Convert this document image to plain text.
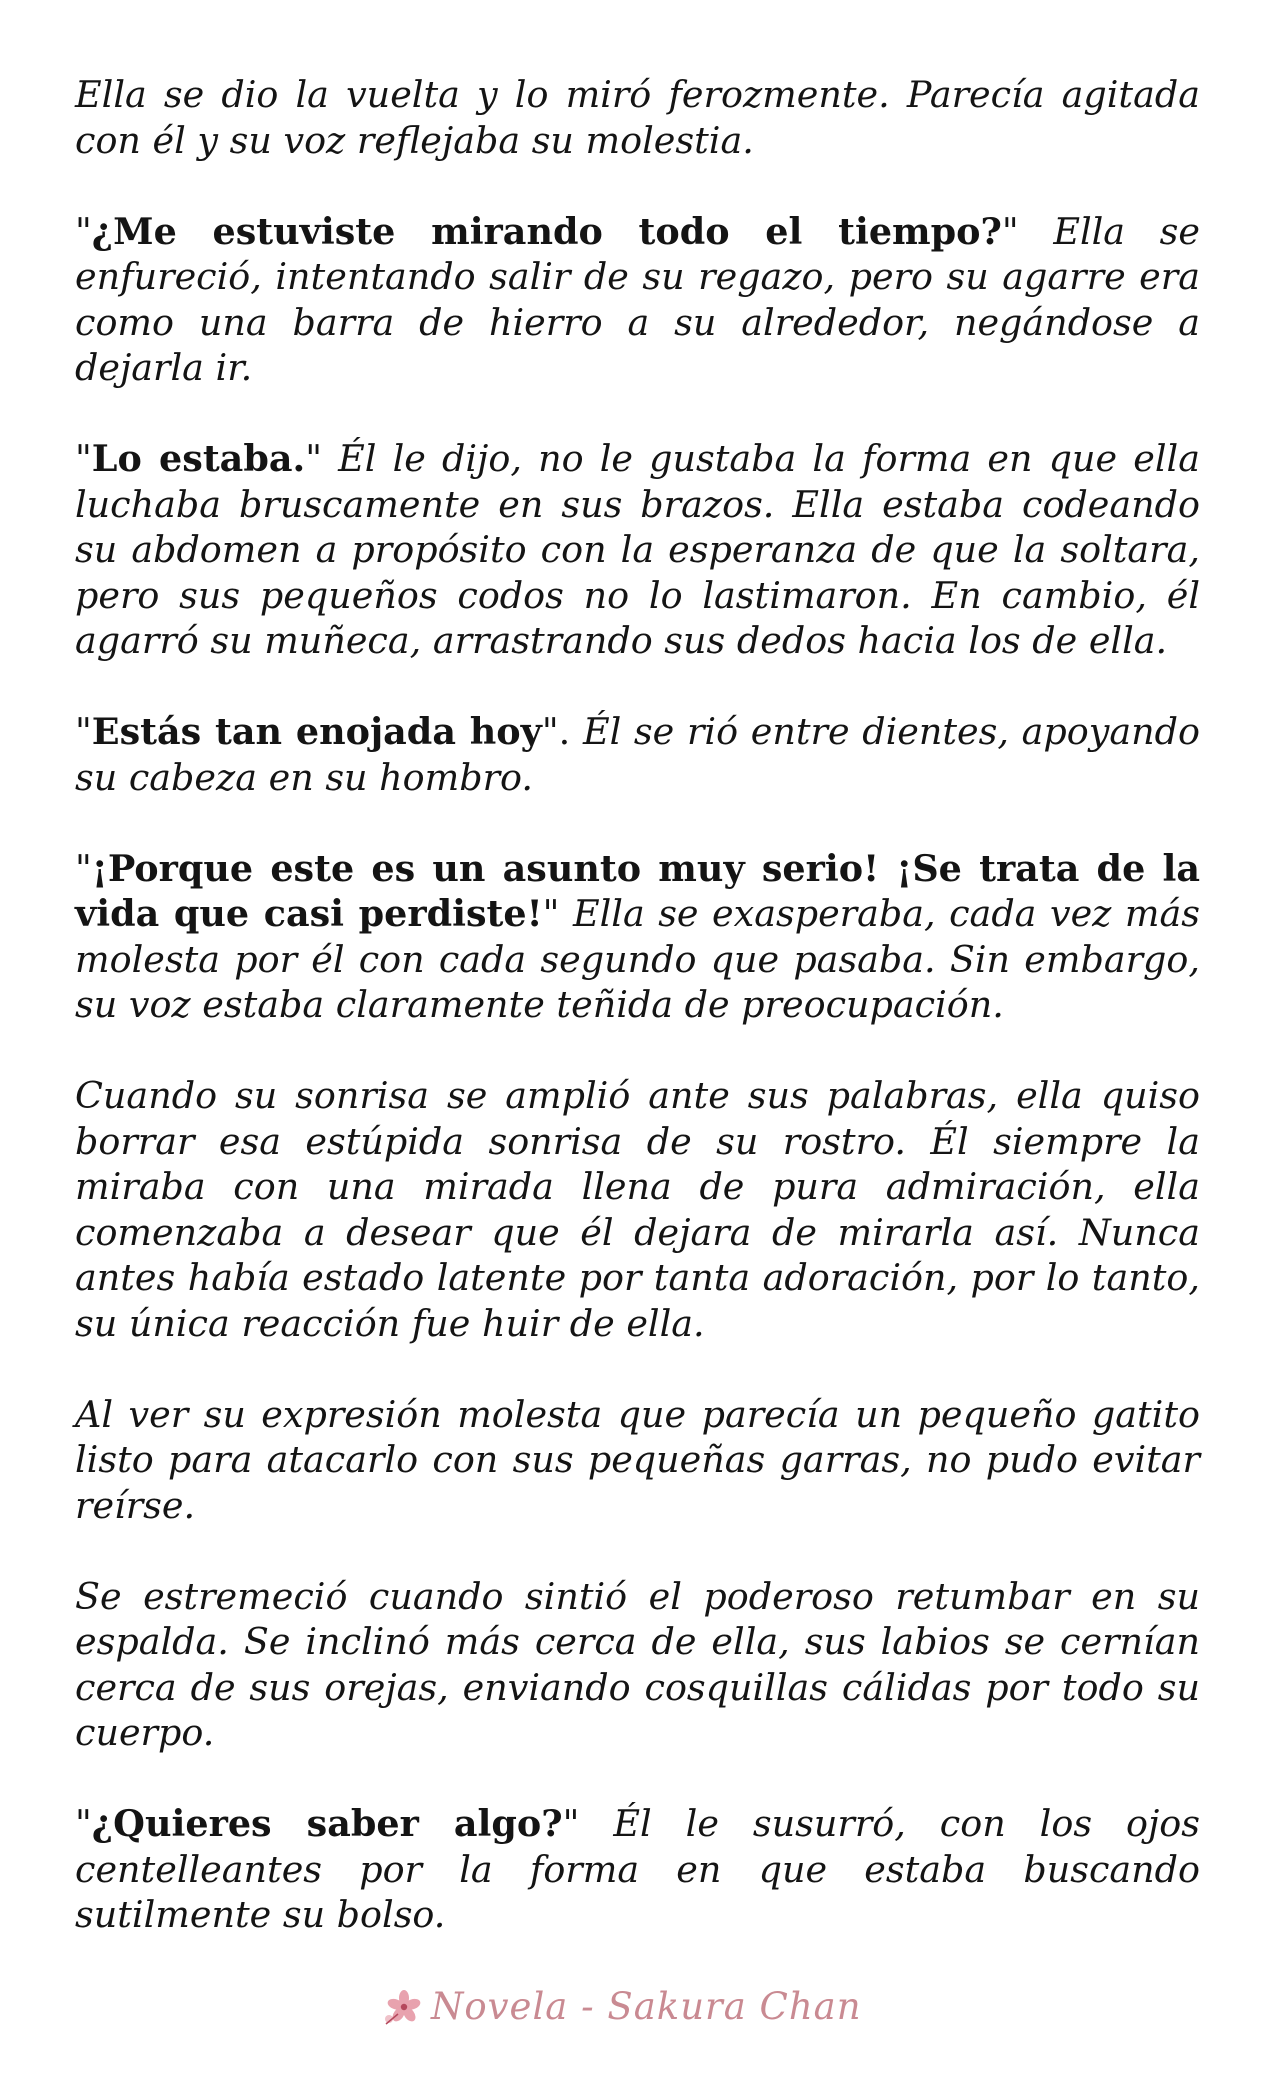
Ella se dio la vuelta y lo miró ferozmente. Parecía agitada con él y su voz reflejaba su molestia.

"¿Me estuviste mirando todo el tiempo?" Ella se enfureció, intentando salir de su regazo, pero su agarre era como una barra de hierro a su alrededor, negándose a dejarla ir.

"Lo estaba." Él le dijo, no le gustaba la forma en que ella luchaba bruscamente en sus brazos. Ella estaba codeando su abdomen a propósito con la esperanza de que la soltara, pero sus pequeños codos no lo lastimaron. En cambio, él agarró su muñeca, arrastrando sus dedos hacia los de ella.

"Estás tan enojada hoy". Él se rió entre dientes, apoyando su cabeza en su hombro.

"¡Porque este es un asunto muy serio! ¡Se trata de la vida que casi perdiste!" Ella se exasperaba, cada vez más molesta por él con cada segundo que pasaba. Sin embargo, su voz estaba claramente teñida de preocupación.

Cuando su sonrisa se amplió ante sus palabras, ella quiso borrar esa estúpida sonrisa de su rostro. Él siempre la miraba con una mirada llena de pura admiración, ella comenzaba a desear que él dejara de mirarla así. Nunca antes había estado latente por tanta adoración, por lo tanto, su única reacción fue huir de ella.

Al ver su expresión molesta que parecía un pequeño gatito listo para atacarlo con sus pequeñas garras, no pudo evitar reírse.

Se estremeció cuando sintió el poderoso retumbar en su espalda. Se inclinó más cerca de ella, sus labios se cernían cerca de sus orejas, enviando cosquillas cálidas por todo su cuerpo.

"¿Quieres saber algo?" Él le susurró, con los ojos centelleantes por la forma en que estaba buscando sutilmente su bolso.

Novela - Sakura Chan
